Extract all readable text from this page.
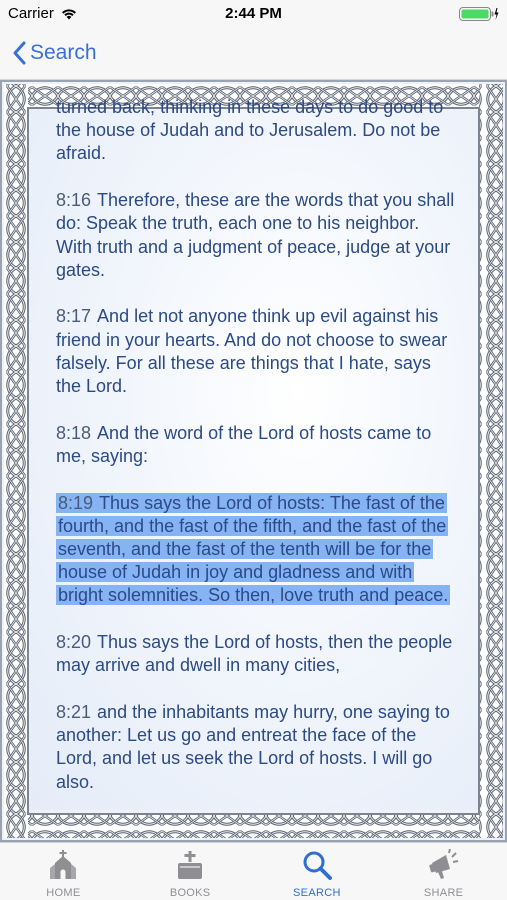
Carrier	2:44 PM
Search

turned back, thinking in these days to do good to the house of Judah and to Jerusalem. Do not be afraid.

8:16 Therefore, these are the words that you shall do: Speak the truth, each one to his neighbor. With truth and a judgment of peace, judge at your gates.

8:17 And let not anyone think up evil against his friend in your hearts. And do not choose to swear falsely. For all these are things that I hate, says the Lord.

8:18 And the word of the Lord of hosts came to me, saying:

8:19 Thus says the Lord of hosts: The fast of the fourth, and the fast of the fifth, and the fast of the seventh, and the fast of the tenth will be for the house of Judah in joy and gladness and with bright solemnities. So then, love truth and peace.

8:20 Thus says the Lord of hosts, then the people may arrive and dwell in many cities,

8:21 and the inhabitants may hurry, one saying to another: Let us go and entreat the face of the Lord, and let us seek the Lord of hosts. I will go also.

HOME	BOOKS	SEARCH	SHARE
